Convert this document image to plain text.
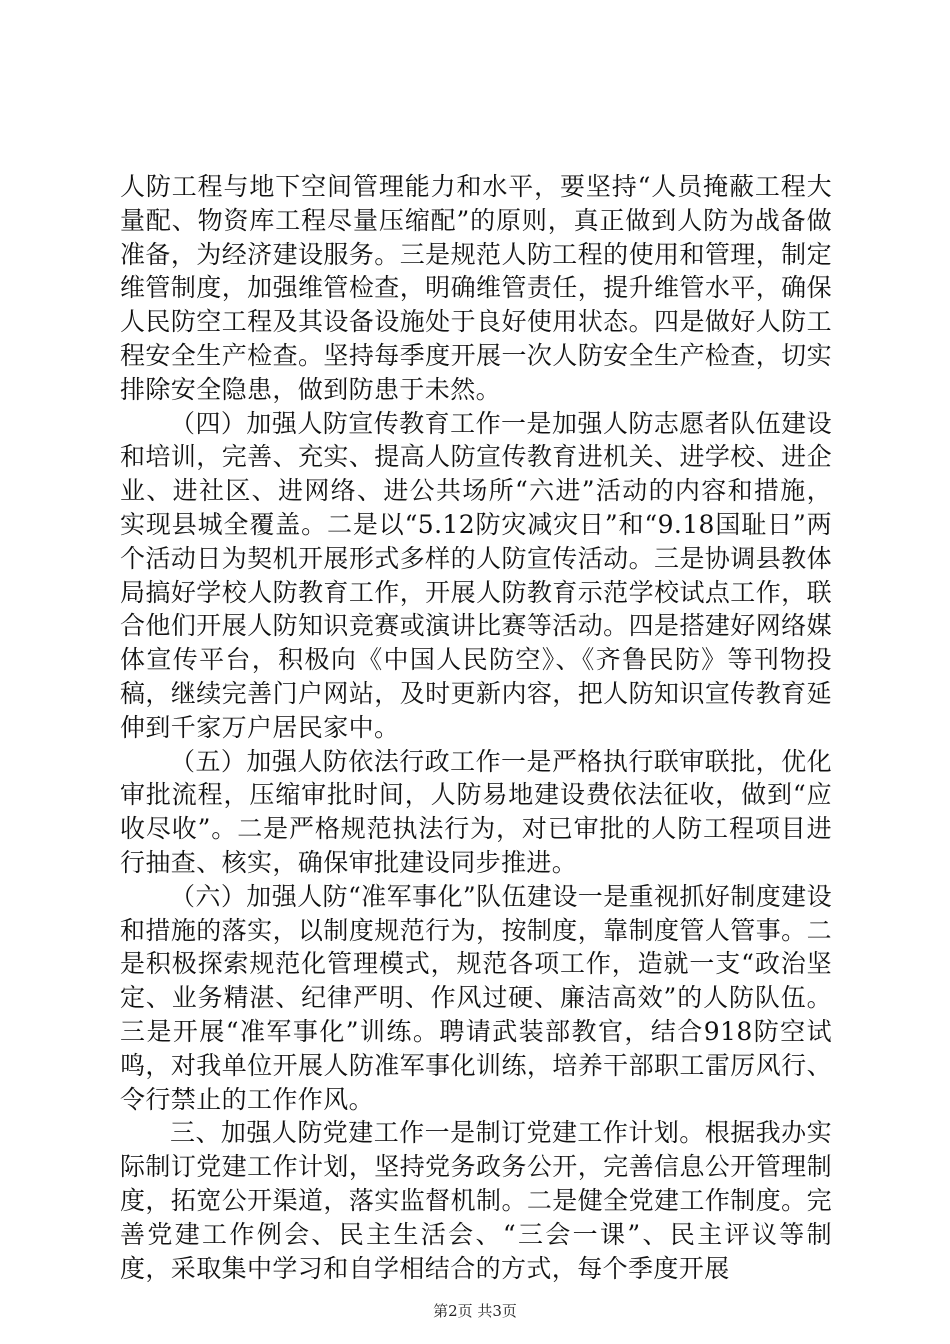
人防工程与地下空间管理能力和水平，要坚持“人员掩蔽工程大量配、物资库工程尽量压缩配”的原则，真正做到人防为战备做准备，为经济建设服务。三是规范人防工程的使用和管理，制定维管制度，加强维管检查，明确维管责任，提升维管水平，确保人民防空工程及其设备设施处于良好使用状态。四是做好人防工程安全生产检查。坚持每季度开展一次人防安全生产检查，切实排除安全隐患，做到防患于未然。

（四）加强人防宣传教育工作一是加强人防志愿者队伍建设和培训，完善、充实、提高人防宣传教育进机关、进学校、进企业、进社区、进网络、进公共场所“六进”活动的内容和措施，实现县城全覆盖。二是以“5.12防灾减灾日”和“9.18国耻日”两个活动日为契机开展形式多样的人防宣传活动。三是协调县教体局搞好学校人防教育工作，开展人防教育示范学校试点工作，联合他们开展人防知识竞赛或演讲比赛等活动。四是搭建好网络媒体宣传平台，积极向《中国人民防空》、《齐鲁民防》等刊物投稿，继续完善门户网站，及时更新内容，把人防知识宣传教育延伸到千家万户居民家中。

（五）加强人防依法行政工作一是严格执行联审联批，优化审批流程，压缩审批时间，人防易地建设费依法征收，做到“应收尽收”。二是严格规范执法行为，对已审批的人防工程项目进行抽查、核实，确保审批建设同步推进。

（六）加强人防“准军事化”队伍建设一是重视抓好制度建设和措施的落实，以制度规范行为，按制度，靠制度管人管事。二是积极探索规范化管理模式，规范各项工作，造就一支“政治坚定、业务精湛、纪律严明、作风过硬、廉洁高效”的人防队伍。三是开展“准军事化”训练。聘请武装部教官，结合918防空试鸣，对我单位开展人防准军事化训练，培养干部职工雷厉风行、令行禁止的工作作风。

三、加强人防党建工作一是制订党建工作计划。根据我办实际制订党建工作计划，坚持党务政务公开，完善信息公开管理制度，拓宽公开渠道，落实监督机制。二是健全党建工作制度。完善党建工作例会、民主生活会、“三会一课”、民主评议等制度，采取集中学习和自学相结合的方式，每个季度开展

第2页 共3页
